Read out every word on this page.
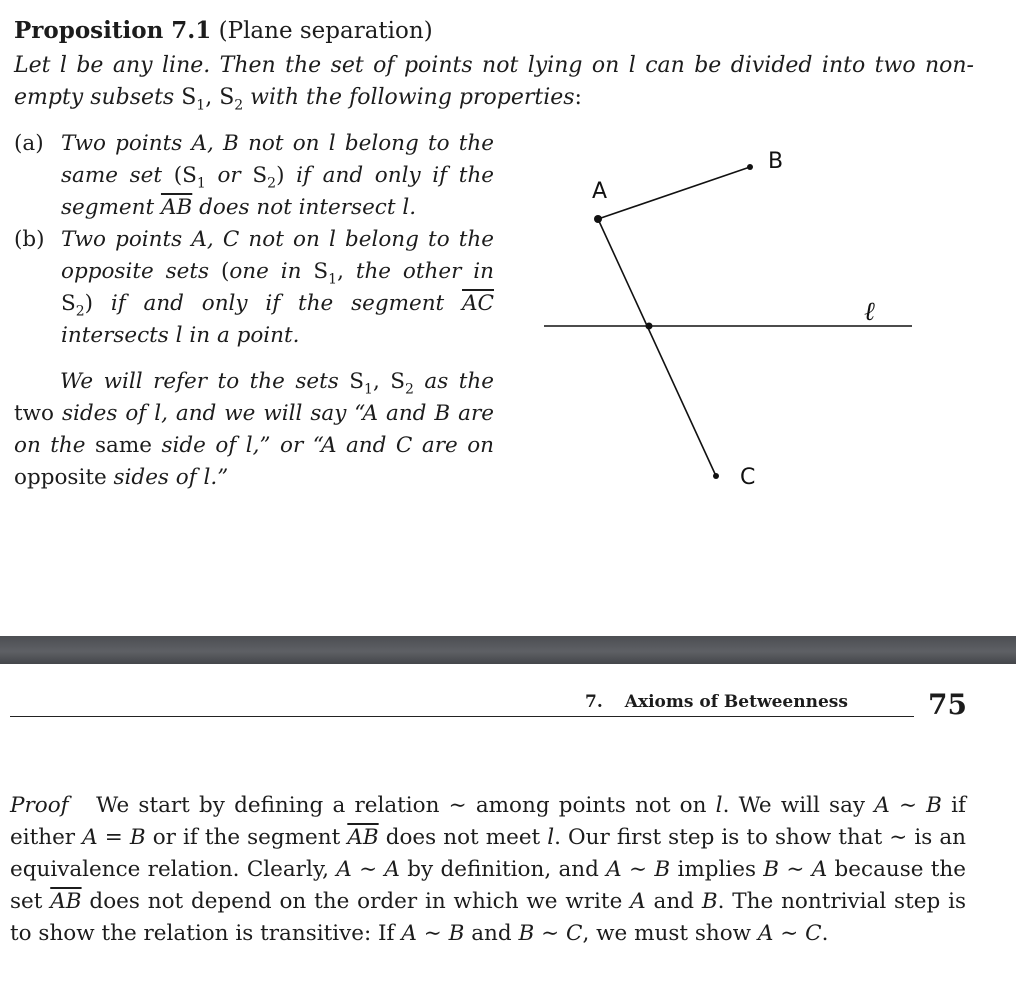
Proposition 7.1 (Plane separation)
Let l be any line. Then the set of points not lying on l can be divided into two non-empty subsets $S_1$, $S_2$ with the following properties:
(a) Two points A, B not on l belong to the same set ($S_1$ or $S_2$) if and only if the segment $\overline{AB}$ does not intersect l.
(b) Two points A, C not on l belong to the opposite sets (one in $S_1$, the other in $S_2$) if and only if the segment $\overline{AC}$ intersects l in a point.
We will refer to the sets $S_1$, $S_2$ as the two sides of l, and we will say “A and B are on the same side of l,” or “A and C are on opposite sides of l.”
A
B
C
ℓ
7. Axioms of Betweenness	75
Proof   We start by defining a relation ∼ among points not on l. We will say A ∼ B if either A = B or if the segment $\overline{AB}$ does not meet l. Our first step is to show that ∼ is an equivalence relation. Clearly, A ∼ A by definition, and A ∼ B implies B ∼ A because the set $\overline{AB}$ does not depend on the order in which we write A and B. The nontrivial step is to show the relation is transitive: If A ∼ B and B ∼ C, we must show A ∼ C.
